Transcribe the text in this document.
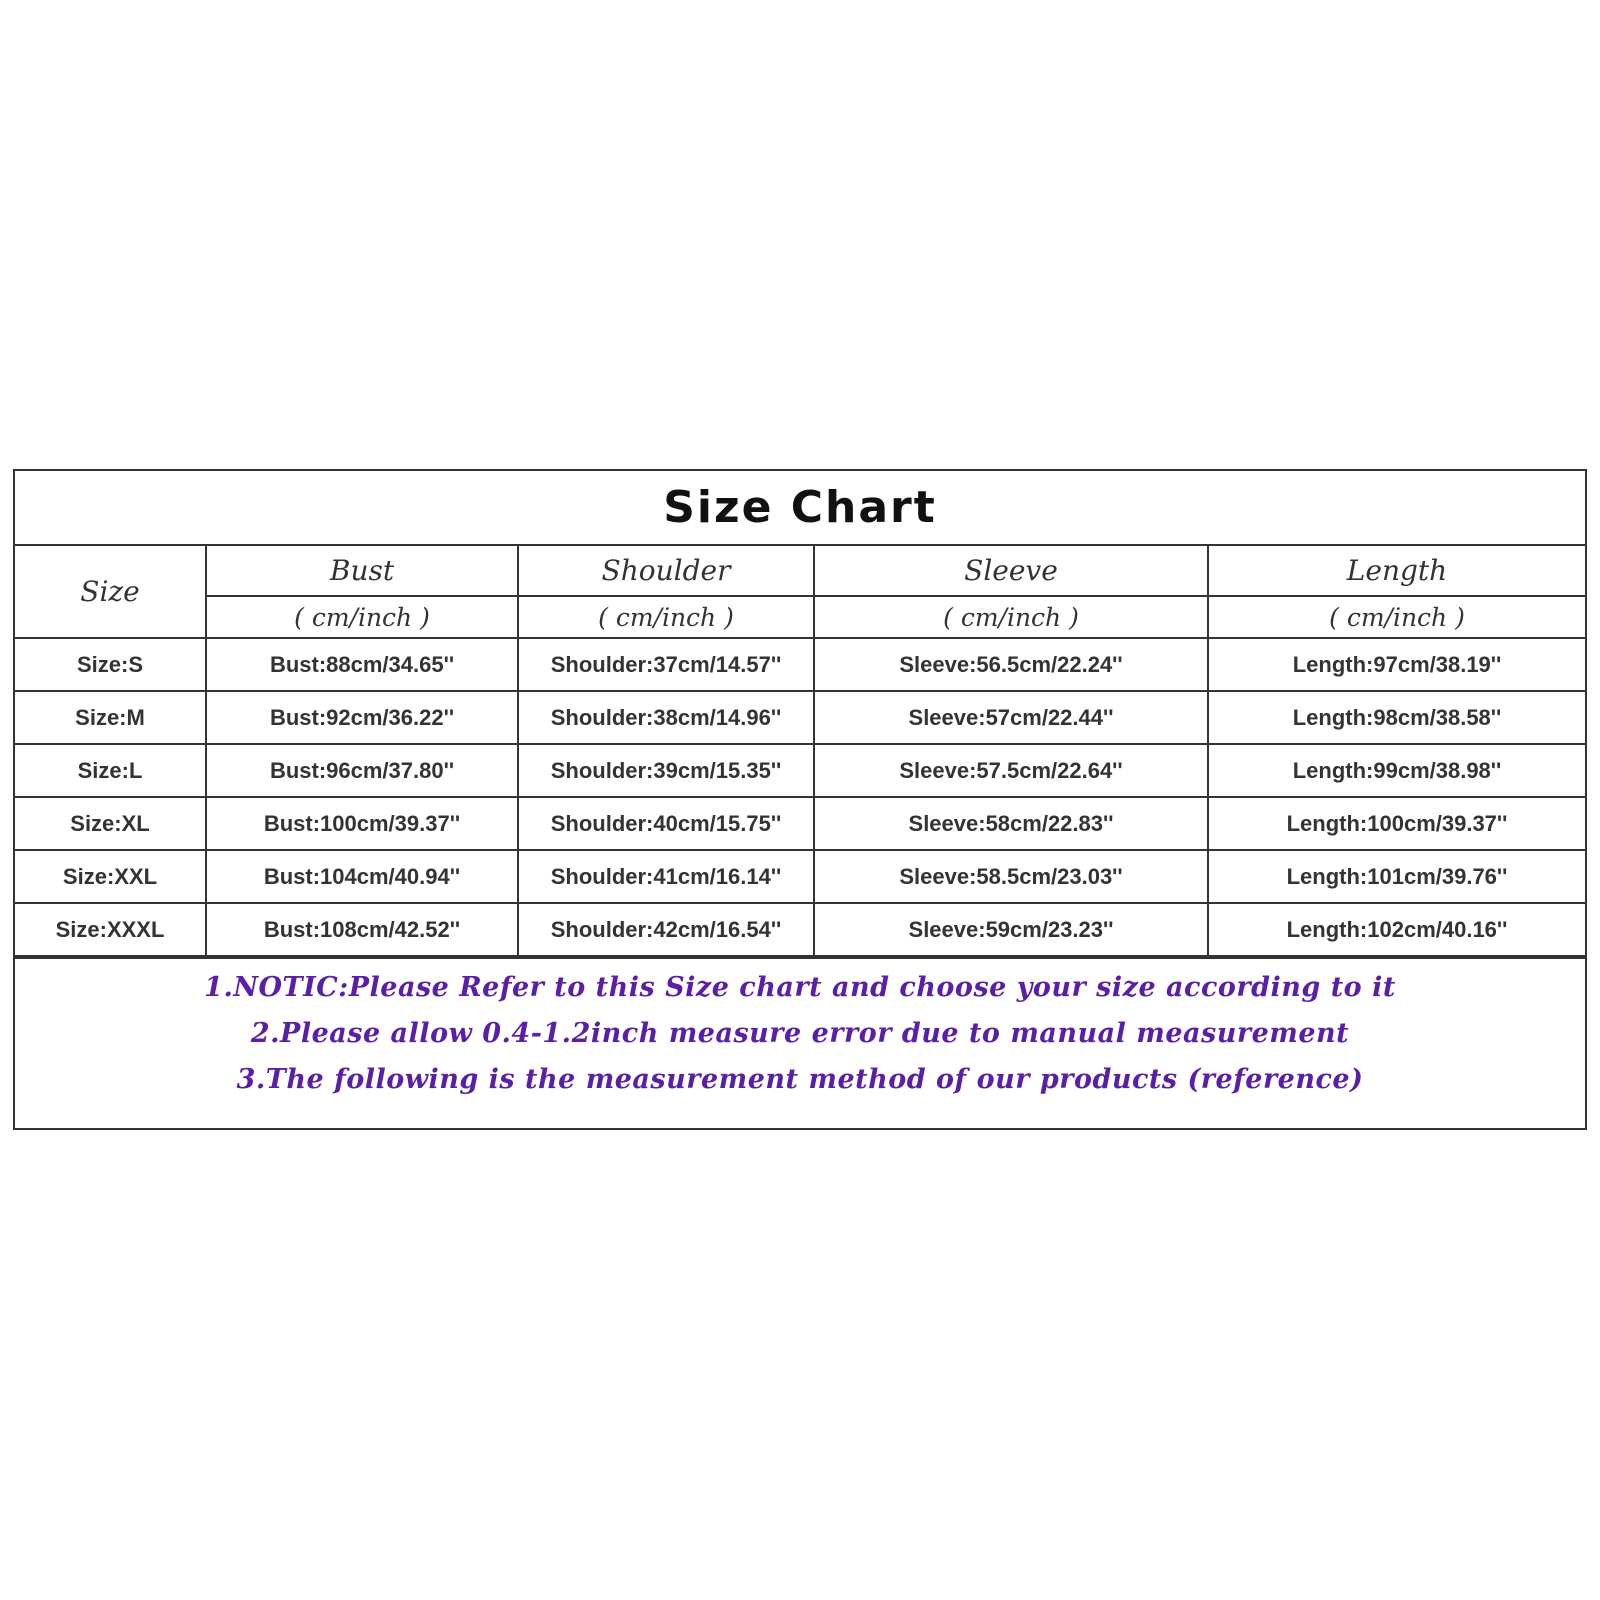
Size Chart
Size	Bust	Shoulder	Sleeve	Length
	( cm/inch )	( cm/inch )	( cm/inch )	( cm/inch )
Size:S	Bust:88cm/34.65''	Shoulder:37cm/14.57''	Sleeve:56.5cm/22.24''	Length:97cm/38.19''
Size:M	Bust:92cm/36.22''	Shoulder:38cm/14.96''	Sleeve:57cm/22.44''	Length:98cm/38.58''
Size:L	Bust:96cm/37.80''	Shoulder:39cm/15.35''	Sleeve:57.5cm/22.64''	Length:99cm/38.98''
Size:XL	Bust:100cm/39.37''	Shoulder:40cm/15.75''	Sleeve:58cm/22.83''	Length:100cm/39.37''
Size:XXL	Bust:104cm/40.94''	Shoulder:41cm/16.14''	Sleeve:58.5cm/23.03''	Length:101cm/39.76''
Size:XXXL	Bust:108cm/42.52''	Shoulder:42cm/16.54''	Sleeve:59cm/23.23''	Length:102cm/40.16''
1.NOTIC:Please Refer to this Size chart and choose your size according to it
2.Please allow 0.4-1.2inch measure error due to manual measurement
3.The following is the measurement method of our products (reference)
